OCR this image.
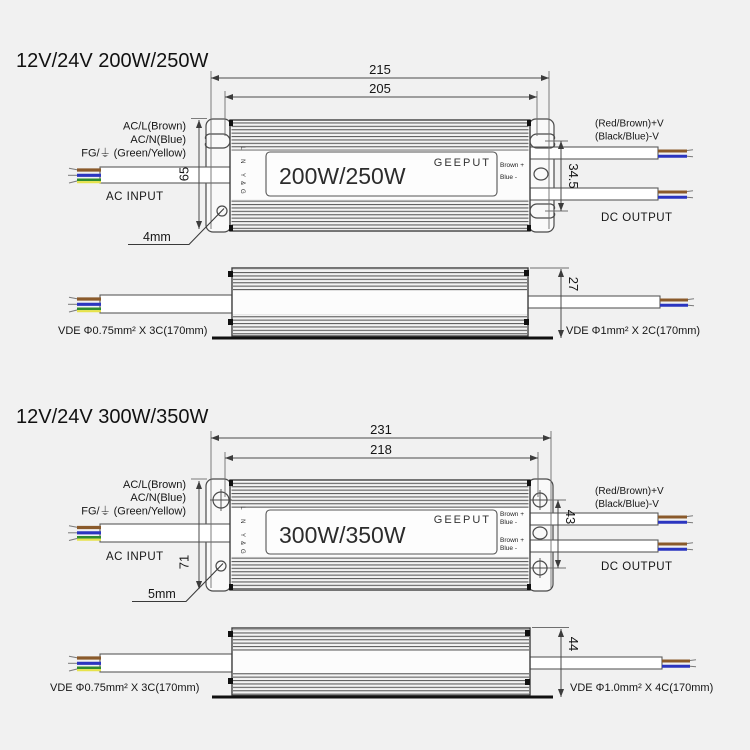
12V/24V 200W/250W
200W/250W	GEEPUT Brown +
Blue -
L N Y&G
215
205
65	34.5
4mm
AC/L(Brown)
AC/N(Blue)
FG/⏚ (Green/Yellow)
AC INPUT
(Red/Brown)+V
(Black/Blue)-V
DC OUTPUT
27
VDE Φ0.75mm² X 3C(170mm)	VDE Φ1mm² X 2C(170mm)
12V/24V 300W/350W
300W/350W
GEEPUT Brown +
Blue -
Brown +
Blue -
L N Y&G
231
218
71
43
5mm
AC/L(Brown)
AC/N(Blue)
FG/⏚ (Green/Yellow)
AC INPUT
(Red/Brown)+V
(Black/Blue)-V
DC OUTPUT
44
VDE Φ0.75mm² X 3C(170mm)	VDE Φ1.0mm² X 4C(170mm)
